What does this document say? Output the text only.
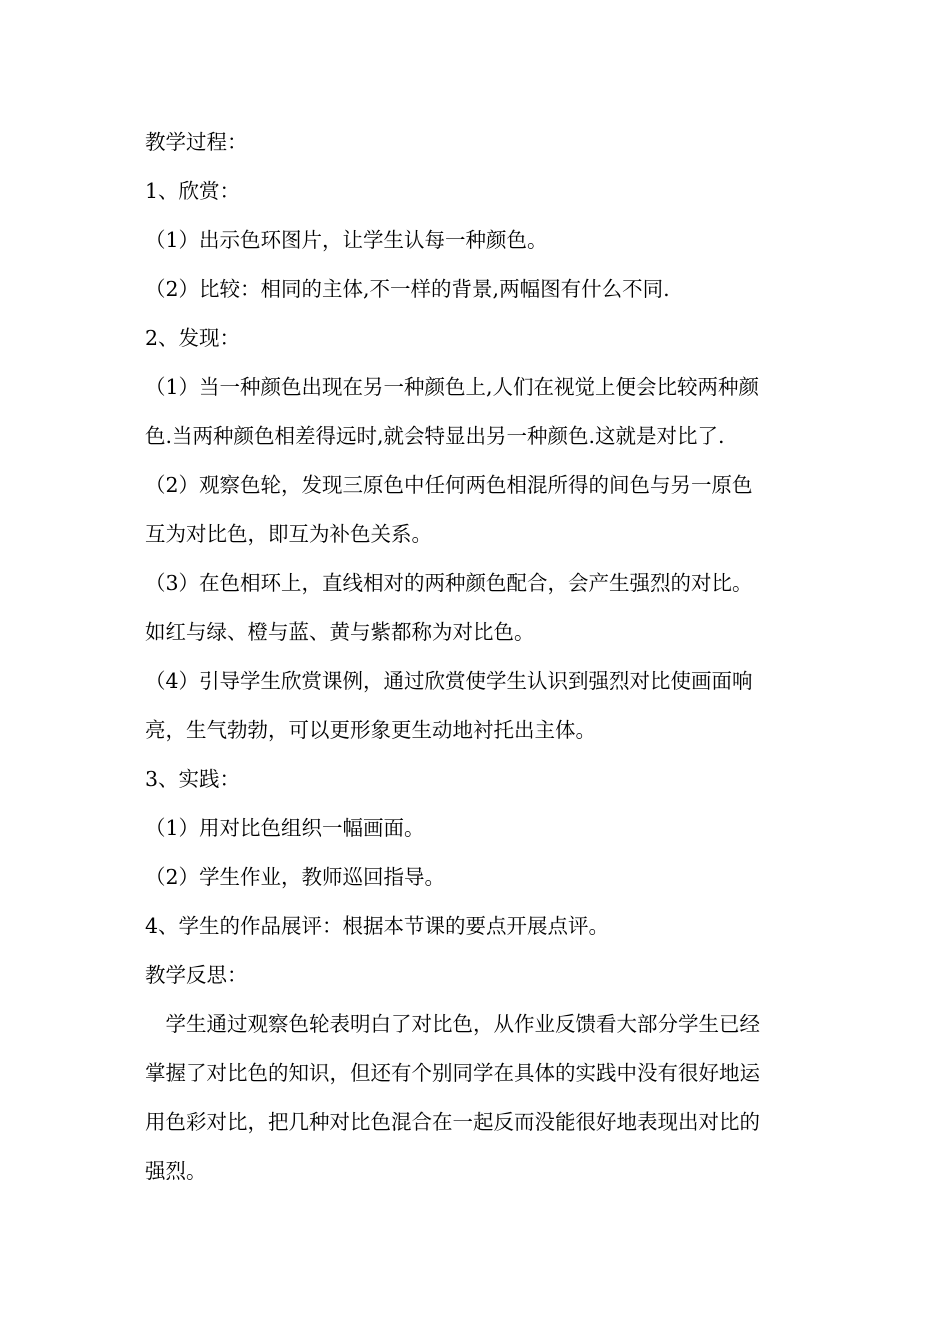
教学过程：
1、欣赏：
（1）出示色环图片，让学生认每一种颜色。
（2）比较：相同的主体,不一样的背景,两幅图有什么不同.
2、发现：
（1）当一种颜色出现在另一种颜色上,人们在视觉上便会比较两种颜
色.当两种颜色相差得远时,就会特显出另一种颜色.这就是对比了.
（2）观察色轮，发现三原色中任何两色相混所得的间色与另一原色
互为对比色，即互为补色关系。
（3）在色相环上，直线相对的两种颜色配合，会产生强烈的对比。
如红与绿、橙与蓝、黄与紫都称为对比色。
（4）引导学生欣赏课例，通过欣赏使学生认识到强烈对比使画面响
亮，生气勃勃，可以更形象更生动地衬托出主体。
3、实践：
（1）用对比色组织一幅画面。
（2）学生作业，教师巡回指导。
4、学生的作品展评：根据本节课的要点开展点评。
教学反思：
　学生通过观察色轮表明白了对比色，从作业反馈看大部分学生已经
掌握了对比色的知识，但还有个别同学在具体的实践中没有很好地运
用色彩对比，把几种对比色混合在一起反而没能很好地表现出对比的
强烈。
